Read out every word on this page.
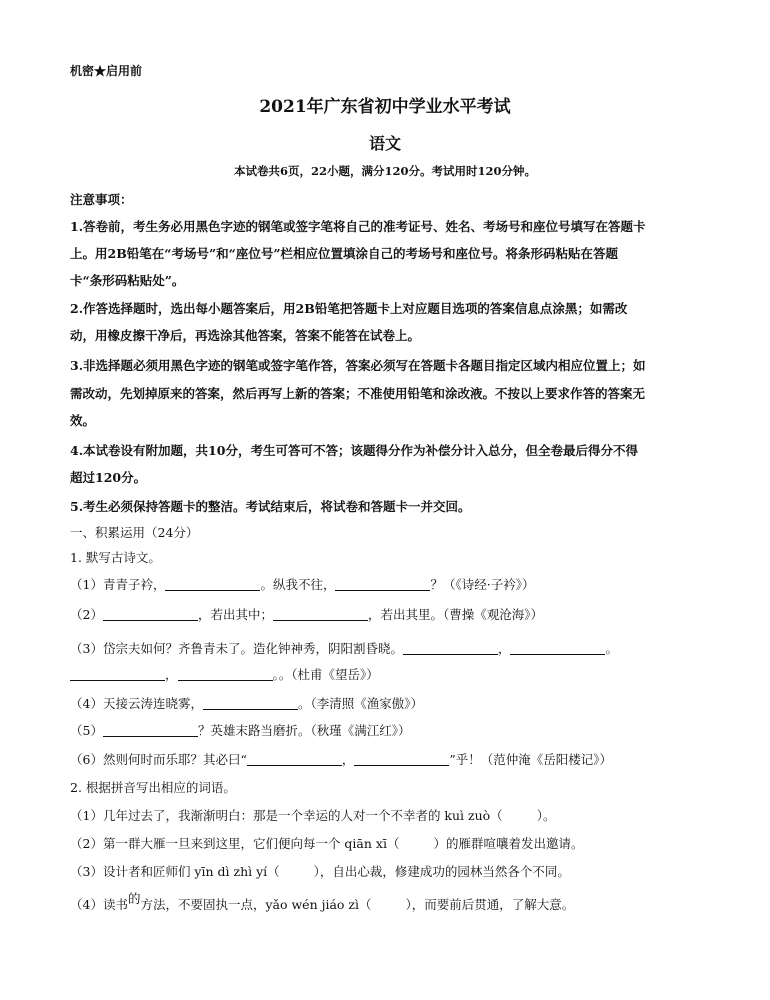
机密★启用前
2021年广东省初中学业水平考试
语文
本试卷共6页，22小题，满分120分。考试用时120分钟。
注意事项：
1.答卷前，考生务必用黑色字迹的钢笔或签字笔将自己的准考证号、姓名、考场号和座位号填写在答题卡
上。用2B铅笔在“考场号”和“座位号”栏相应位置填涂自己的考场号和座位号。将条形码粘贴在答题
卡“条形码粘贴处”。
2.作答选择题时，选出每小题答案后，用2B铅笔把答题卡上对应题目选项的答案信息点涂黑；如需改
动，用橡皮擦干净后，再选涂其他答案，答案不能答在试卷上。
3.非选择题必须用黑色字迹的钢笔或签字笔作答，答案必须写在答题卡各题目指定区域内相应位置上；如
需改动，先划掉原来的答案，然后再写上新的答案；不准使用铅笔和涂改液。不按以上要求作答的答案无
效。
4.本试卷设有附加题，共10分，考生可答可不答；该题得分作为补偿分计入总分，但全卷最后得分不得
超过120分。
5.考生必须保持答题卡的整洁。考试结束后，将试卷和答题卡一并交回。
一、积累运用（24分）
1. 默写古诗文。
（1）青青子衿，	。纵我不往，	？（《诗经·子衿》）
（2）	，若出其中；	，若出其里。（曹操《观沧海》）
（3）岱宗夫如何？齐鲁青未了。造化钟神秀，阴阳割昏晓。	，	。
，	。。（杜甫《望岳》）
（4）天接云涛连晓雾，	。（李清照《渔家傲》）
（5）	？英雄末路当磨折。（秋瑾《满江红》）
（6）然则何时而乐耶？其必曰“	，	”乎！（范仲淹《岳阳楼记》）
2. 根据拼音写出相应的词语。
（1）几年过去了，我渐渐明白：那是一个幸运的人对一个不幸者的 kuì zuò（	）。
（2）第一群大雁一旦来到这里，它们便向每一个 qiān xī（	）的雁群喧嚷着发出邀请。
（3）设计者和匠师们 yīn dì zhì yí（	），自出心裁，修建成功的园林当然各个不同。
（4）读书的方法，不要固执一点，yǎo wén jiáo zì（	），而要前后贯通，了解大意。
